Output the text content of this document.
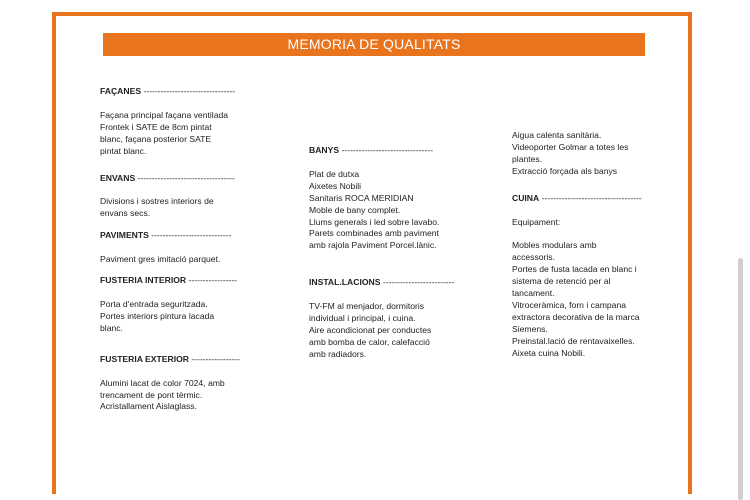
MEMORIA DE QUALITATS
FAÇANES --------------------------------
Façana principal façana ventilada
Frontek i SATE de 8cm pintat
blanc, façana posterior SATE
pintat blanc.
ENVANS ----------------------------------
Divisions i sostres interiors de
envans secs.
PAVIMENTS ----------------------------
Paviment gres imitació parquet.
FUSTERIA INTERIOR -----------------
Porta d'entrada seguritzada.
Portes interiors pintura lacada
blanc.
FUSTERIA EXTERIOR -----------------
Alumini lacat de color 7024, amb
trencament de pont tèrmic.
Acristallament Aislaglass.
BANYS --------------------------------
Plat de dutxa
Aixetes Nobili
Sanitaris ROCA MERIDIAN
Moble de bany complet.
Llums generals i led sobre lavabo.
Parets combinades amb paviment
amb rajola Paviment Porcel.lànic.
INSTAL.LACIONS -------------------------
TV-FM al menjador, dormitoris
individual i principal, i cuina.
Aire acondicionat per conductes
amb bomba de calor, calefacció
amb radiadors.
Aigua calenta sanitària.
Videoporter Golmar a totes les
plantes.
Extracció forçada als banys
CUINA -----------------------------------
Equipament:
Mobles modulars amb
accessoris.
Portes de fusta lacada en blanc i
sistema de retenció per al
tancament.
Vitroceràmica, forn i campana
extractora decorativa de la marca
Siemens.
Preinstal.lació de rentavaixelles.
Aixeta cuina Nobili.
